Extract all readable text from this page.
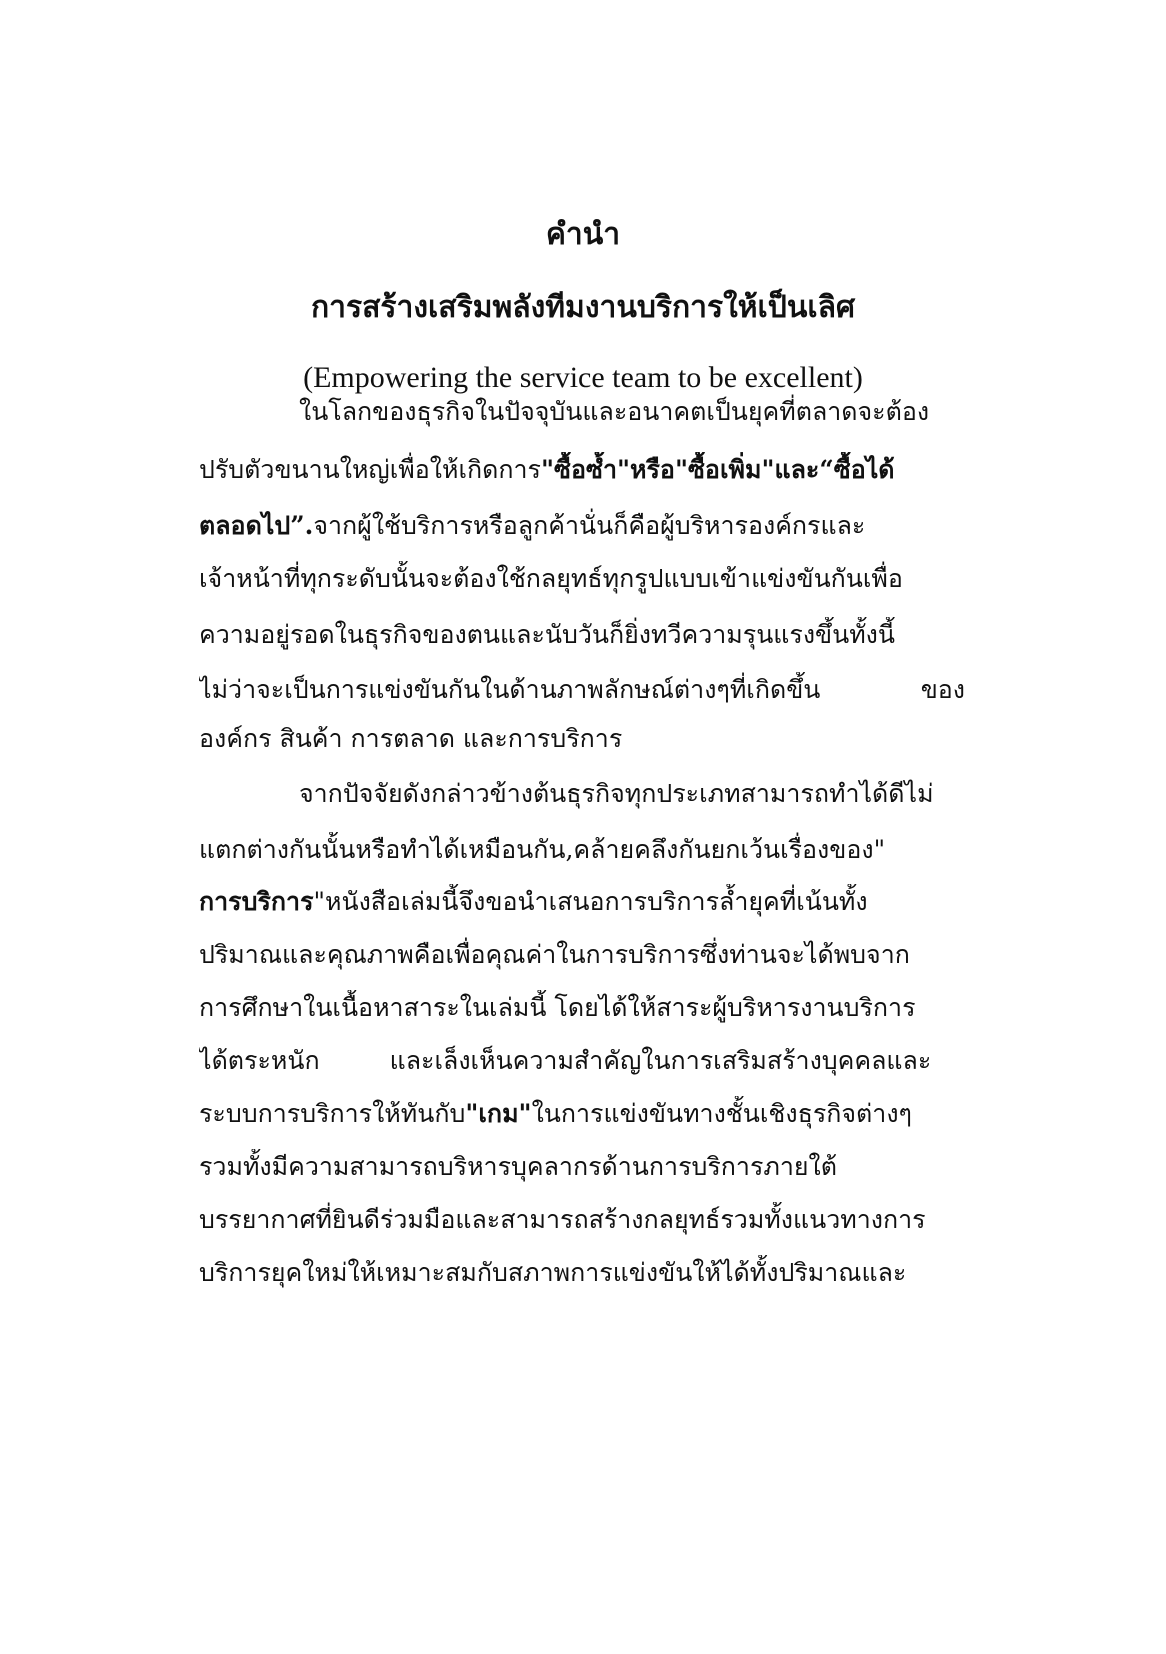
คำนำ
การสร้างเสริมพลังทีมงานบริการให้เป็นเลิศ

(Empowering the service team to be excellent)

ในโลกของธุรกิจในปัจจุบันและอนาคตเป็นยุคที่ตลาดจะต้อง

ปรับตัวขนานใหญ่เพื่อให้เกิดการ"ซื้อซ้ำ"หรือ"ซื้อเพิ่ม"และ“ซื้อได้

ตลอดไป”.จากผู้ใช้บริการหรือลูกค้านั่นก็คือผู้บริหารองค์กรและ

เจ้าหน้าที่ทุกระดับนั้นจะต้องใช้กลยุทธ์ทุกรูปแบบเข้าแข่งขันกันเพื่อ

ความอยู่รอดในธุรกิจของตนและนับวันก็ยิ่งทวีความรุนแรงขึ้นทั้งนี้

ไม่ว่าจะเป็นการแข่งขันกันในด้านภาพลักษณ์ต่างๆที่เกิดขึ้น	ของ

องค์กร สินค้า การตลาด และการบริการ

จากปัจจัยดังกล่าวข้างต้นธุรกิจทุกประเภทสามารถทำได้ดีไม่

แตกต่างกันนั้นหรือทำได้เหมือนกัน,คล้ายคลึงกันยกเว้นเรื่องของ"

การบริการ"หนังสือเล่มนี้จึงขอนำเสนอการบริการล้ำยุคที่เน้นทั้ง

ปริมาณและคุณภาพคือเพื่อคุณค่าในการบริการซึ่งท่านจะได้พบจาก

การศึกษาในเนื้อหาสาระในเล่มนี้ โดยได้ให้สาระผู้บริหารงานบริการ

ได้ตระหนัก	และเล็งเห็นความสำคัญในการเสริมสร้างบุคคลและ

ระบบการบริการให้ทันกับ"เกม"ในการแข่งขันทางชั้นเชิงธุรกิจต่างๆ

รวมทั้งมีความสามารถบริหารบุคลากรด้านการบริการภายใต้

บรรยากาศที่ยินดีร่วมมือและสามารถสร้างกลยุทธ์รวมทั้งแนวทางการ

บริการยุคใหม่ให้เหมาะสมกับสภาพการแข่งขันให้ได้ทั้งปริมาณและ
